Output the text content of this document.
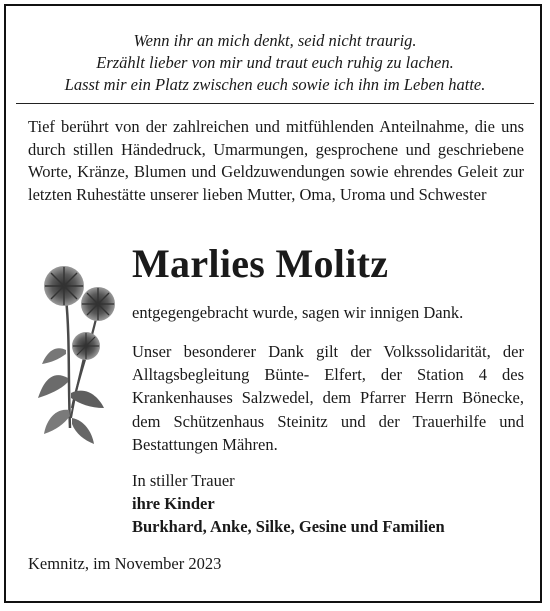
Wenn ihr an mich denkt, seid nicht traurig.
Erzählt lieber von mir und traut euch ruhig zu lachen.
Lasst mir ein Platz zwischen euch sowie ich ihn im Leben hatte.
Tief berührt von der zahlreichen und mitfühlenden Anteilnahme, die uns durch stillen Händedruck, Umarmungen, gesprochene und geschriebene Worte, Kränze, Blumen und Geldzuwendungen sowie ehrendes Geleit zur letzten Ruhestätte unserer lieben Mutter, Oma, Uroma und Schwester
Marlies Molitz
entgegengebracht wurde, sagen wir innigen Dank.
Unser besonderer Dank gilt der Volkssolidarität, der Alltagsbegleitung Bünte- Elfert, der Station 4 des Krankenhauses Salzwedel, dem Pfarrer Herrn Bönecke, dem Schützenhaus Steinitz und der Trauerhilfe und Bestattungen Mähren.
In stiller Trauer
ihre Kinder
Burkhard, Anke, Silke, Gesine und Familien
Kemnitz, im November 2023
